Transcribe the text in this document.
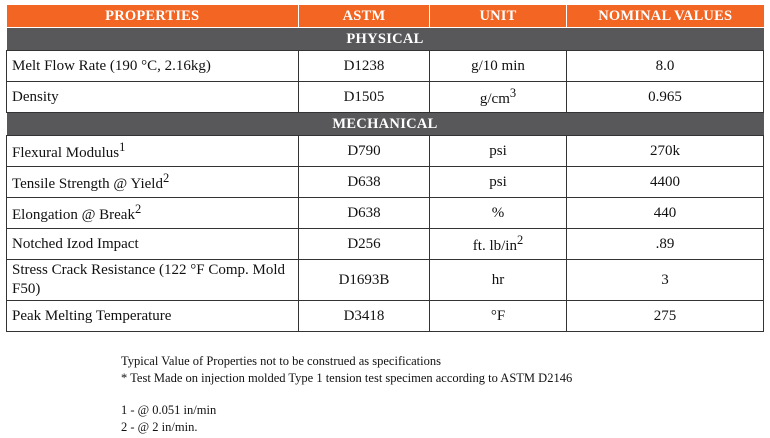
PROPERTIES	ASTM	UNIT	NOMINAL VALUES
PHYSICAL			
Melt Flow Rate (190 °C, 2.16kg)	D1238	g/10 min	8.0
Density	D1505	$g/cm^3$	0.965
MECHANICAL			
Flexural Modulus$^1$	D790	psi	270k
Tensile Strength @ Yield$^2$	D638	psi	4400
Elongation @ Break$^2$	D638	%	440
Notched Izod Impact	D256	ft. $lb/in^2$	.89
Stress Crack Resistance (122 °F Comp. Mold F50)	D1693B	hr	3
Peak Melting Temperature	D3418	°F	275
Typical Value of Properties not to be construed as specifications
* Test Made on injection molded Type 1 tension test specimen according to ASTM D2146
1 - @ 0.051 in/min
2 - @ 2 in/min.
